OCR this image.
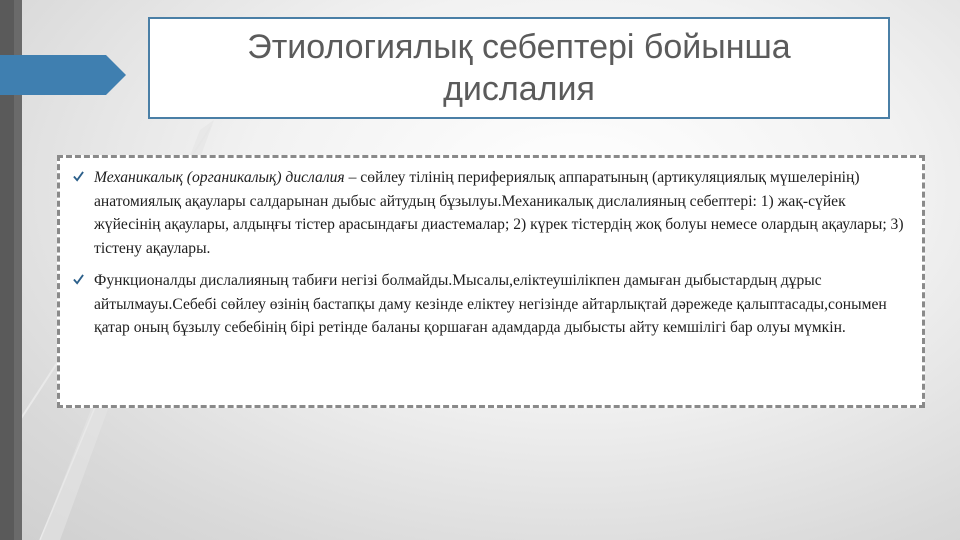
Этиологиялық себептері бойынша дислалия

Механикалық (органикалық) дислалия – сөйлеу тілінің перифериялық аппаратының (артикуляциялық мүшелерінің) анатомиялық ақаулары салдарынан дыбыс айтудың бұзылуы.Механикалық дислалияның себептері: 1) жақ-сүйек жүйесінің ақаулары, алдыңғы тістер арасындағы диастемалар; 2) күрек тістердің жоқ болуы немесе олардың ақаулары; 3) тістену ақаулары.
Функционалды дислалияның табиғи негізі болмайды.Мысалы,еліктеушілікпен дамыған дыбыстардың дұрыс айтылмауы.Себебі сөйлеу өзінің бастапқы даму кезінде еліктеу негізінде айтарлықтай дәрежеде қалыптасады,сонымен қатар оның бұзылу себебінің бірі ретінде баланы қоршаған адамдарда дыбысты айту кемшілігі бар олуы мүмкін.
